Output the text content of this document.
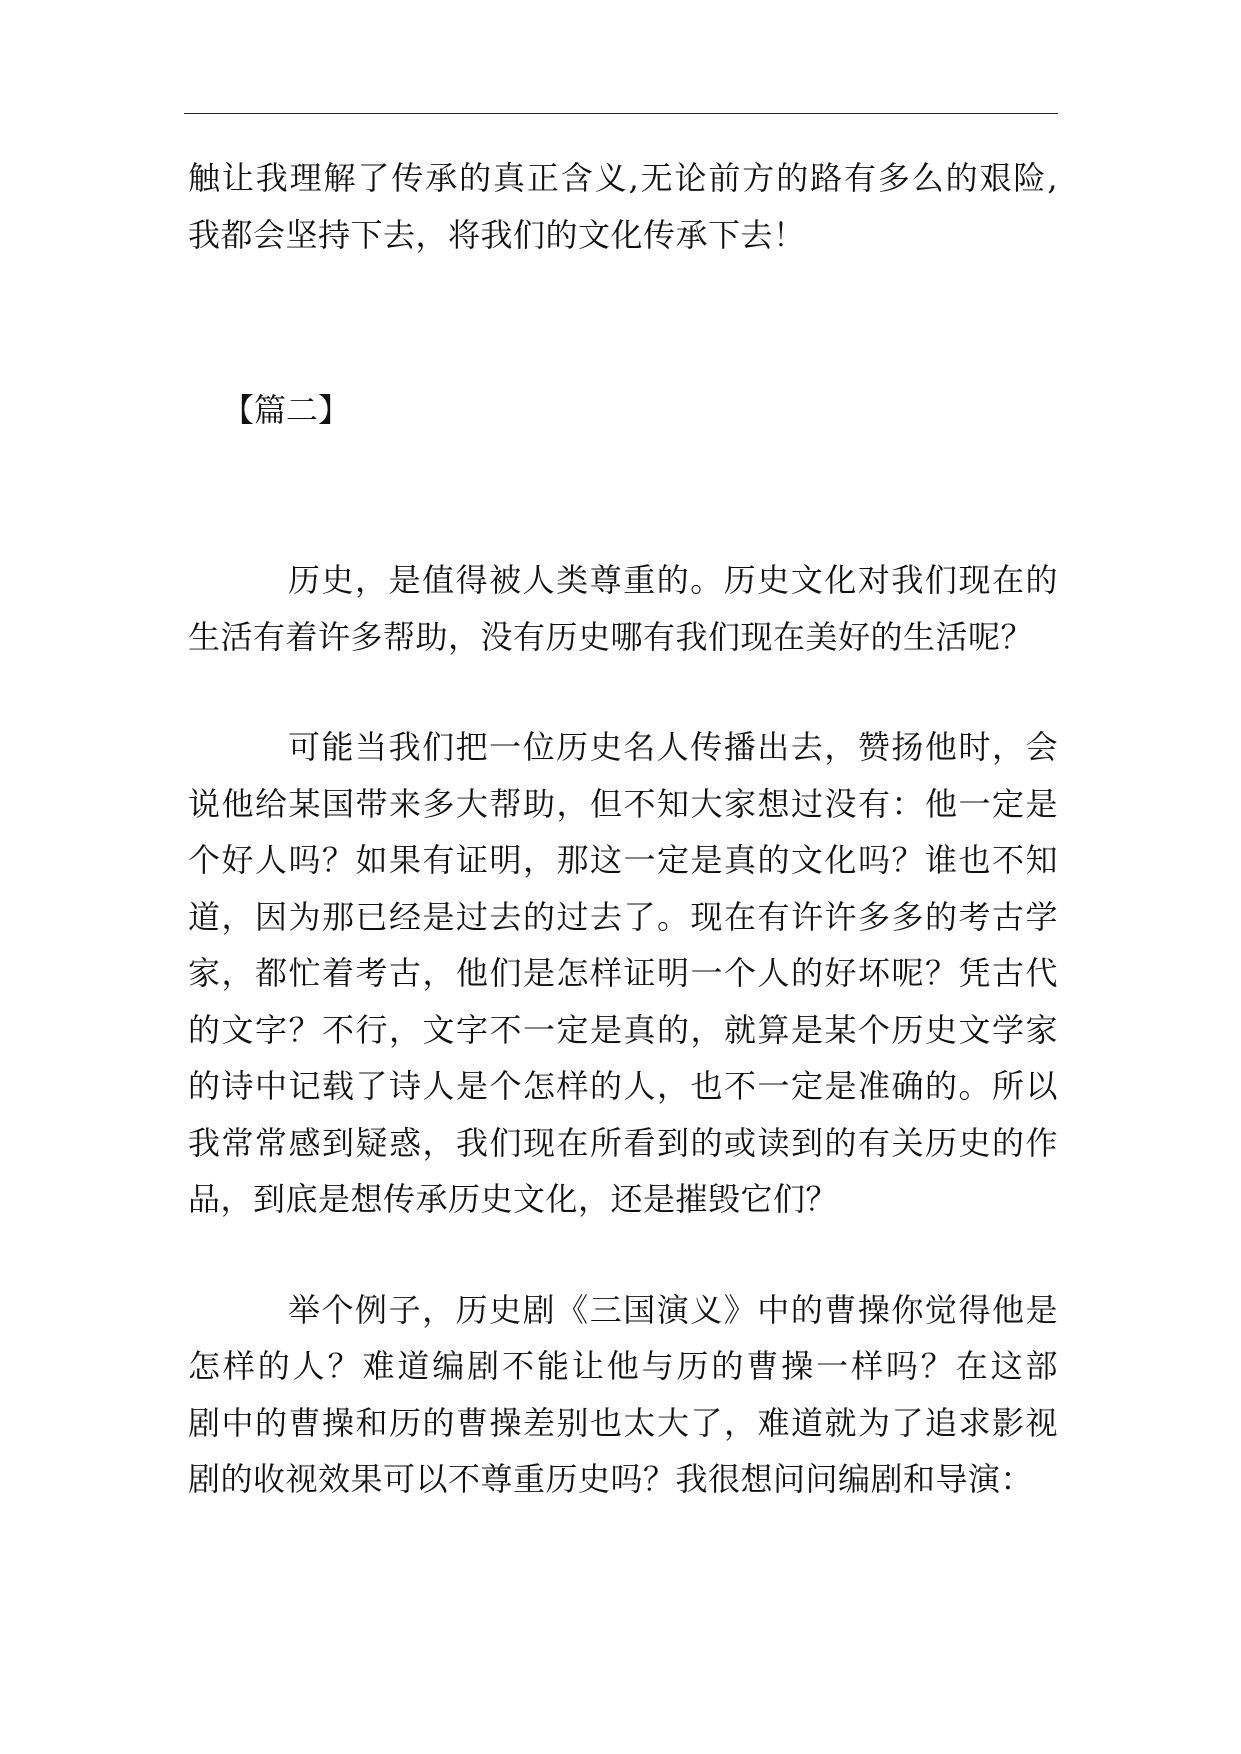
触让我理解了传承的真正含义,无论前方的路有多么的艰险,
我都会坚持下去，将我们的文化传承下去！
【篇二】
历史，是值得被人类尊重的。历史文化对我们现在的
生活有着许多帮助，没有历史哪有我们现在美好的生活呢？
可能当我们把一位历史名人传播出去，赞扬他时，会
说他给某国带来多大帮助，但不知大家想过没有：他一定是
个好人吗？如果有证明，那这一定是真的文化吗？谁也不知
道，因为那已经是过去的过去了。现在有许许多多的考古学
家，都忙着考古，他们是怎样证明一个人的好坏呢？凭古代
的文字？不行，文字不一定是真的，就算是某个历史文学家
的诗中记载了诗人是个怎样的人，也不一定是准确的。所以
我常常感到疑惑，我们现在所看到的或读到的有关历史的作
品，到底是想传承历史文化，还是摧毁它们？
举个例子，历史剧《三国演义》中的曹操你觉得他是
怎样的人？难道编剧不能让他与历的曹操一样吗？在这部
剧中的曹操和历的曹操差别也太大了，难道就为了追求影视
剧的收视效果可以不尊重历史吗？我很想问问编剧和导演：
